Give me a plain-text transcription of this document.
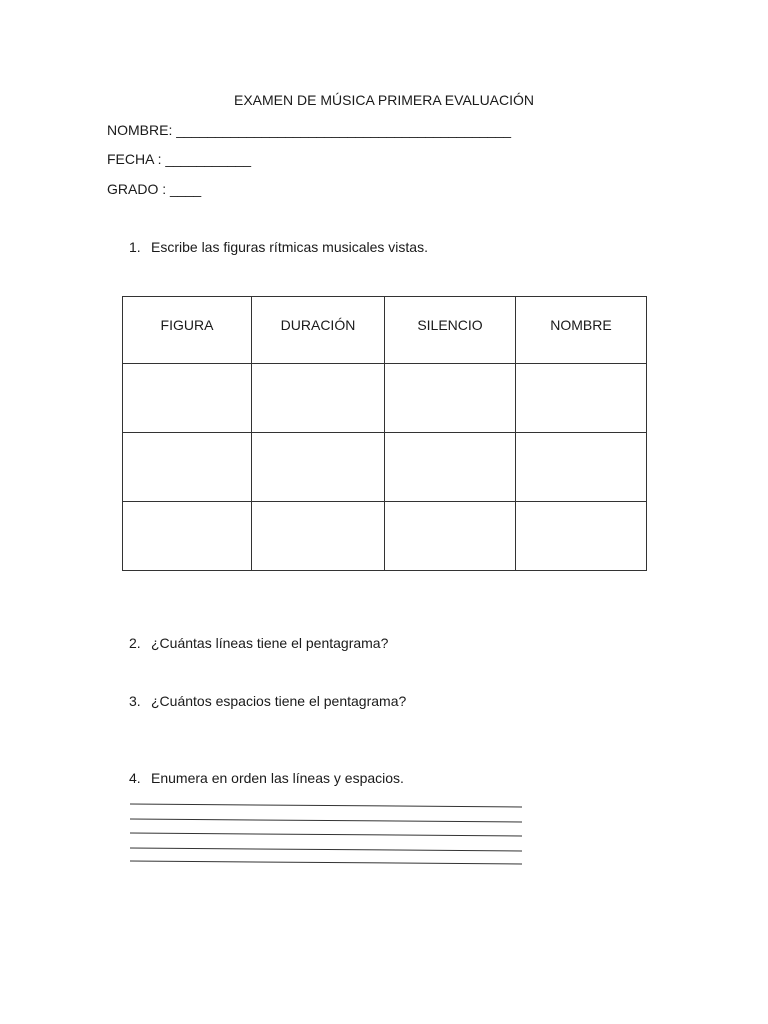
EXAMEN DE MÚSICA PRIMERA EVALUACIÓN
NOMBRE: ___________________________________________
FECHA : ___________
GRADO : ____
1. Escribe las figuras rítmicas musicales vistas.
FIGURA	DURACIÓN	SILENCIO	NOMBRE

2. ¿Cuántas líneas tiene el pentagrama?
3. ¿Cuántos espacios tiene el pentagrama?
4. Enumera en orden las líneas y espacios.
